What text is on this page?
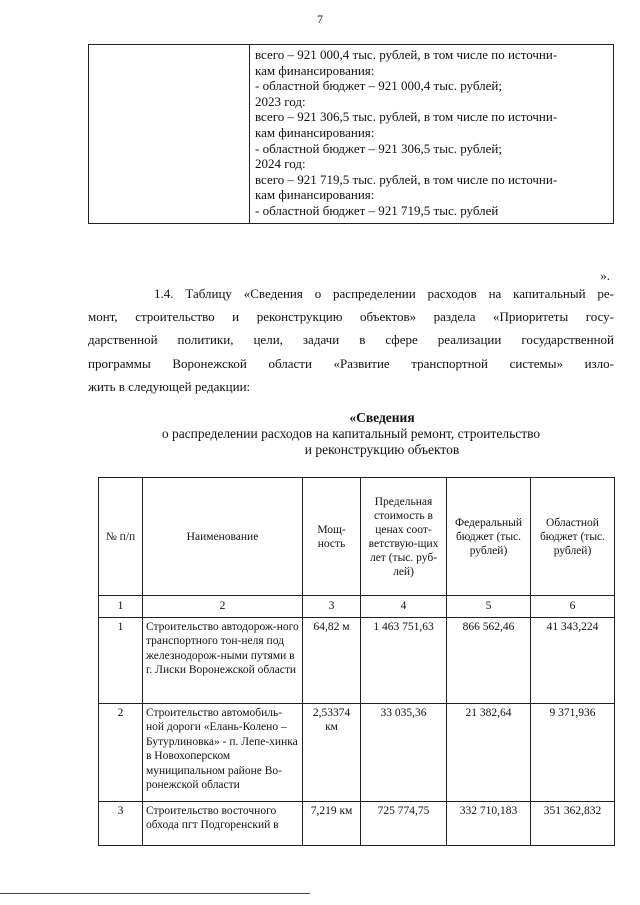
7

всего – 921 000,4 тыс. рублей, в том числе по источни-
кам финансирования:
- областной бюджет – 921 000,4 тыс. рублей;
2023 год:
всего – 921 306,5 тыс. рублей, в том числе по источни-
кам финансирования:
- областной бюджет – 921 306,5 тыс. рублей;
2024 год:
всего – 921 719,5 тыс. рублей, в том числе по источни-
кам финансирования:
- областной бюджет – 921 719,5 тыс. рублей
».
1.4. Таблицу «Сведения о распределении расходов на капитальный ре-
монт, строительство и реконструкцию объектов» раздела «Приоритеты госу-
дарственной политики, цели, задачи в сфере реализации государственной
программы Воронежской области «Развитие транспортной системы» изло-
жить в следующей редакции:
«Сведения
о распределении расходов на капитальный ремонт, строительство
и реконструкцию объектов
№ п/п	Наименование	Мощ-ность	Предельная стоимость в ценах соот-ветствую-щих лет (тыс. руб-лей)	Федеральный бюджет (тыс. рублей)	Областной бюджет (тыс. рублей)
1	2	3	4	5	6
1	Строительство автодорож-ного транспортного тон-неля под железнодорож-ными путями в г. Лиски Воронежской области	64,82 м	1 463 751,63	866 562,46	41 343,224
2	Строительство автомобиль-ной дороги «Елань-Колено – Бутурлиновка» - п. Лепе-хинка в Новохоперском муниципальном районе Во-ронежской области	2,53374 км	33 035,36	21 382,64	9 371,936
3	Строительство восточного обхода пгт Подгоренский в	7,219 км	725 774,75	332 710,183	351 362,832
